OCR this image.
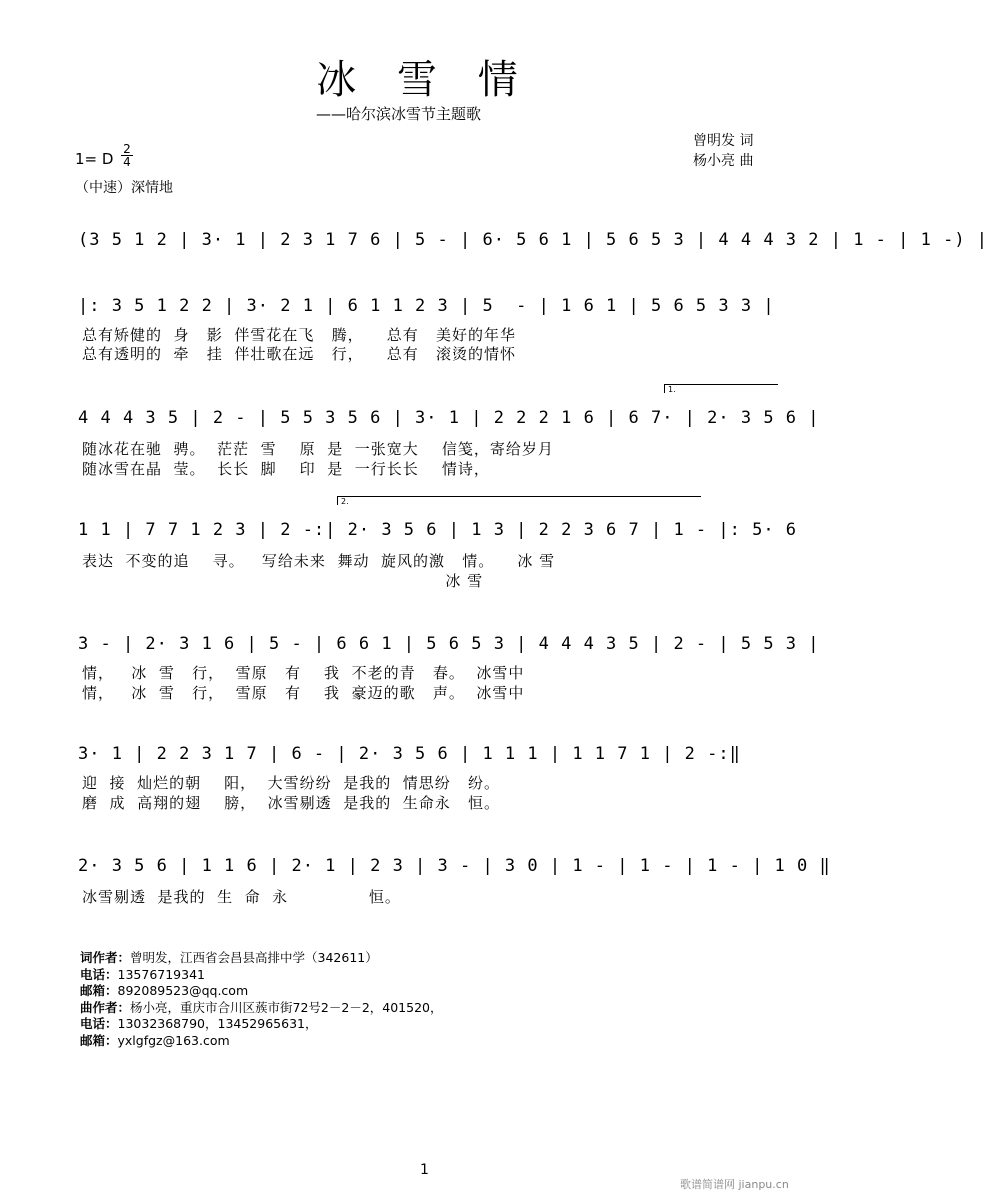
冰 雪 情
——哈尔滨冰雪节主题歌
曾明发 词
杨小亮 曲
1= D $\frac{2}{4}$
（中速）深情地
(3 5 1 2 | 3· 1 | 2 3 1 7 6 | 5 - | 6· 5 6 1 | 5 6 5 3 | 4 4 4 3 2 | 1 - | 1 -) |
|: 3 5 1 2 2 | 3· 2 1 | 6 1 1 2 3 | 5  - | 1 6 1 | 5 6 5 3 3 |
总有矫健的  身   影  伴雪花在飞   腾，    总有   美好的年华
总有透明的  牵   挂  伴壮歌在远   行，    总有   滚烫的情怀
1.
4 4 4 3 5 | 2 - | 5 5 3 5 6 | 3· 1 | 2 2 2 1 6 | 6 7· | 2· 3 5 6 |
随冰花在驰  骋。  茫茫  雪    原  是  一张宽大    信笺，寄给岁月
随冰雪在晶  莹。  长长  脚    印  是  一行长长    情诗，
2.
1 1 | 7 7 1 2 3 | 2 -:| 2· 3 5 6 | 1 3 | 2 2 3 6 7 | 1 - |: 5· 6
表达  不变的追    寻。   写给未来  舞动  旋风的激   情。    冰 雪
冰 雪
3 - | 2· 3 1 6 | 5 - | 6 6 1 | 5 6 5 3 | 4 4 4 3 5 | 2 - | 5 5 3 |
情，   冰  雪   行，  雪原   有    我  不老的青   春。  冰雪中
情，   冰  雪   行，  雪原   有    我  豪迈的歌   声。  冰雪中
3· 1 | 2 2 3 1 7 | 6 - | 2· 3 5 6 | 1 1 1 | 1 1 7 1 | 2 -:‖
迎  接  灿烂的朝    阳，  大雪纷纷  是我的  情思纷   纷。
磨  成  高翔的翅    膀，  冰雪剔透  是我的  生命永   恒。
2· 3 5 6 | 1 1 6 | 2· 1 | 2 3 | 3 - | 3 0 | 1 - | 1 - | 1 - | 1 0 ‖
冰雪剔透  是我的  生  命  永              恒。
词作者：曾明发，江西省会昌县高排中学（342611）
电话：13576719341
邮箱：892089523@qq.com
曲作者：杨小亮，重庆市合川区蔟市街72号2－2－2，401520，
电话：13032368790，13452965631，
邮箱：yxlgfgz@163.com
1
歌谱简谱网 jianpu.cn
